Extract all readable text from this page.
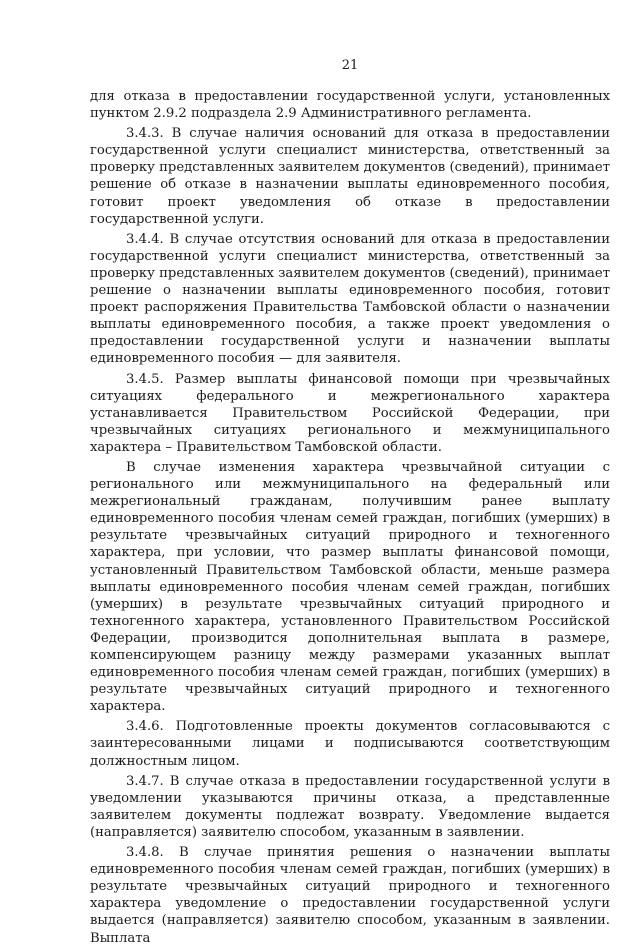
21

для отказа в предоставлении государственной услуги, установленных пунктом 2.9.2 подраздела 2.9 Административного регламента.

3.4.3. В случае наличия оснований для отказа в предоставлении государственной услуги специалист министерства, ответственный за проверку представленных заявителем документов (сведений), принимает решение об отказе в назначении выплаты единовременного пособия, готовит проект уведомления об отказе в предоставлении государственной услуги.

3.4.4. В случае отсутствия оснований для отказа в предоставлении государственной услуги специалист министерства, ответственный за проверку представленных заявителем документов (сведений), принимает решение о назначении выплаты единовременного пособия, готовит проект распоряжения Правительства Тамбовской области о назначении выплаты единовременного пособия, а также проект уведомления о предоставлении государственной услуги и назначении выплаты единовременного пособия — для заявителя.

3.4.5. Размер выплаты финансовой помощи при чрезвычайных ситуациях федерального и межрегионального характера устанавливается Правительством Российской Федерации, при чрезвычайных ситуациях регионального и межмуниципального характера – Правительством Тамбовской области.

В случае изменения характера чрезвычайной ситуации с регионального или межмуниципального на федеральный или межрегиональный гражданам, получившим ранее выплату единовременного пособия членам семей граждан, погибших (умерших) в результате чрезвычайных ситуаций природного и техногенного характера, при условии, что размер выплаты финансовой помощи, установленный Правительством Тамбовской области, меньше размера выплаты единовременного пособия членам семей граждан, погибших (умерших) в результате чрезвычайных ситуаций природного и техногенного характера, установленного Правительством Российской Федерации, производится дополнительная выплата в размере, компенсирующем разницу между размерами указанных выплат единовременного пособия членам семей граждан, погибших (умерших) в результате чрезвычайных ситуаций природного и техногенного характера.

3.4.6. Подготовленные проекты документов согласовываются с заинтересованными лицами и подписываются соответствующим должностным лицом.

3.4.7. В случае отказа в предоставлении государственной услуги в уведомлении указываются причины отказа, а представленные заявителем документы подлежат возврату. Уведомление выдается (направляется) заявителю способом, указанным в заявлении.

3.4.8. В случае принятия решения о назначении выплаты единовременного пособия членам семей граждан, погибших (умерших) в результате чрезвычайных ситуаций природного и техногенного характера уведомление о предоставлении государственной услуги выдается (направляется) заявителю способом, указанным в заявлении. Выплата
